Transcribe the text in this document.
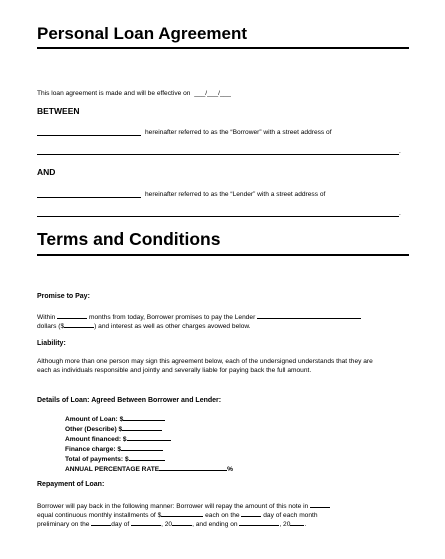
Personal Loan Agreement
This loan agreement is made and will be effective on ___/___/___
BETWEEN
hereinafter referred to as the “Borrower” with a street address of
.
AND
hereinafter referred to as the “Lender” with a street address of
.
Terms and Conditions
Promise to Pay:
Within	months from today, Borrower promises to pay the Lender
dollars ($	) and interest as well as other charges avowed below.
Liability:
Although more than one person may sign this agreement below, each of the undersigned understands that they are each as individuals responsible and jointly and severally liable for paying back the full amount.
Details of Loan: Agreed Between Borrower and Lender:
Amount of Loan: $
Other (Describe) $
Amount financed: $
Finance charge: $
Total of payments: $
ANNUAL PERCENTAGE RATE	%
Repayment of Loan:
Borrower will pay back in the following manner: Borrower will repay the amount of this note in
equal continuous monthly installments of $	each on the	day of each month
preliminary on the	day of	, 20	, and ending on	, 20 .
